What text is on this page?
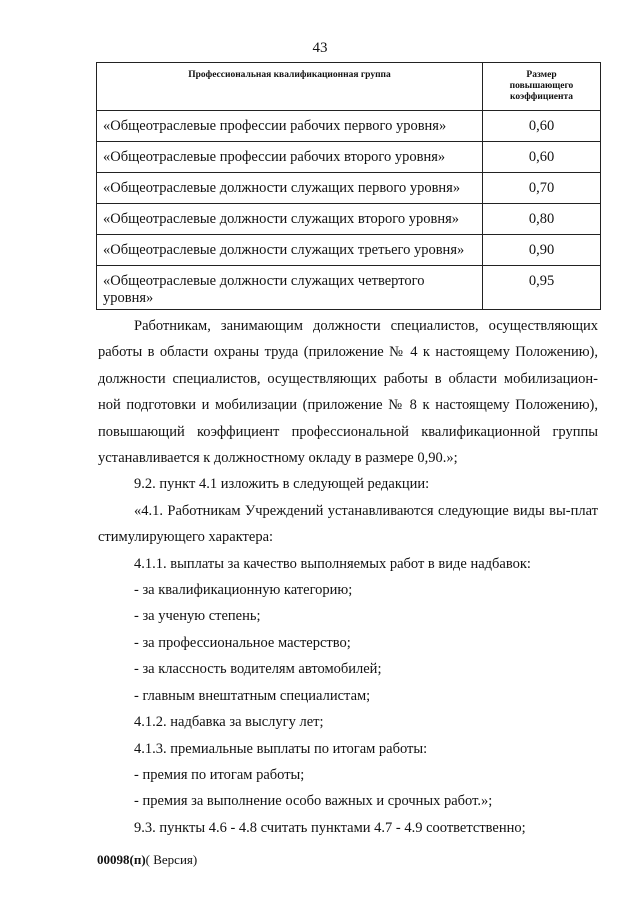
43
Профессиональная квалификационная группа	Размер повышающего коэффициента
«Общеотраслевые профессии рабочих первого уровня»	0,60
«Общеотраслевые профессии рабочих второго уровня»	0,60
«Общеотраслевые должности служащих первого уровня»	0,70
«Общеотраслевые должности служащих второго уровня»	0,80
«Общеотраслевые должности служащих третьего уровня»	0,90
«Общеотраслевые должности служащих четвертого уровня»	0,95

Работникам, занимающим должности специалистов, осуществляющих работы в области охраны труда (приложение № 4 к настоящему Положению), должности специалистов, осуществляющих работы в области мобилизацион-ной подготовки и мобилизации (приложение № 8 к настоящему Положению), повышающий коэффициент профессиональной квалификационной группы устанавливается к должностному окладу в размере 0,90.»;

9.2. пункт 4.1 изложить в следующей редакции:

«4.1. Работникам Учреждений устанавливаются следующие виды вы-плат стимулирующего характера:

4.1.1. выплаты за качество выполняемых работ в виде надбавок:

- за квалификационную категорию;

- за ученую степень;

- за профессиональное мастерство;

- за классность водителям автомобилей;

- главным внештатным специалистам;

4.1.2. надбавка за выслугу лет;

4.1.3. премиальные выплаты по итогам работы:

- премия по итогам работы;

- премия за выполнение особо важных и срочных работ.»;

9.3. пункты 4.6 - 4.8 считать пунктами 4.7 - 4.9 соответственно;

00098(п)( Версия)
